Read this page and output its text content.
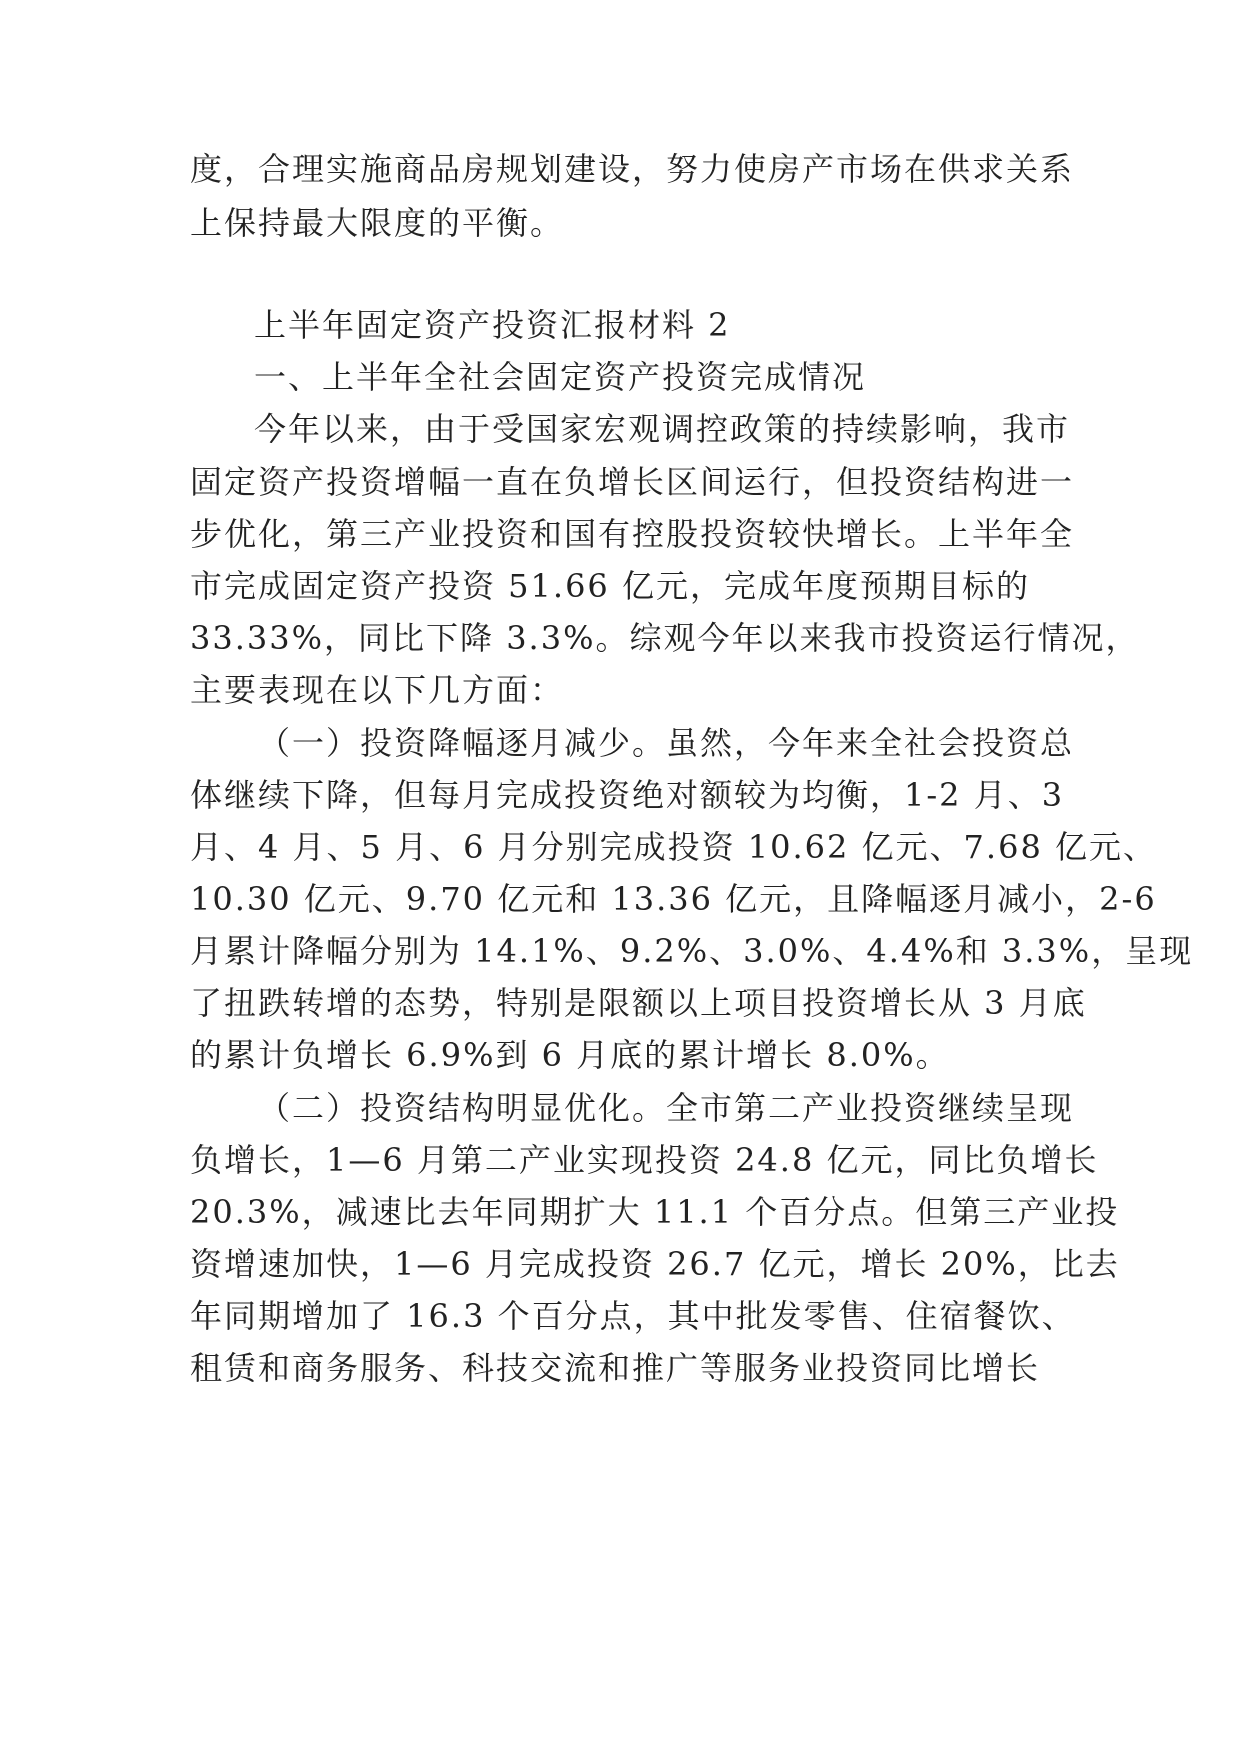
度，合理实施商品房规划建设，努力使房产市场在供求关系
上保持最大限度的平衡。
上半年固定资产投资汇报材料 2
一、上半年全社会固定资产投资完成情况
今年以来，由于受国家宏观调控政策的持续影响，我市
固定资产投资增幅一直在负增长区间运行，但投资结构进一
步优化，第三产业投资和国有控股投资较快增长。上半年全
市完成固定资产投资 51.66 亿元，完成年度预期目标的
33.33%，同比下降 3.3%。综观今年以来我市投资运行情况，
主要表现在以下几方面：
（一）投资降幅逐月减少。虽然，今年来全社会投资总
体继续下降，但每月完成投资绝对额较为均衡，1-2 月、3
月、4 月、5 月、6 月分别完成投资 10.62 亿元、7.68 亿元、
10.30 亿元、9.70 亿元和 13.36 亿元，且降幅逐月减小，2-6
月累计降幅分别为 14.1%、9.2%、3.0%、4.4%和 3.3%，呈现
了扭跌转增的态势，特别是限额以上项目投资增长从 3 月底
的累计负增长 6.9%到 6 月底的累计增长 8.0%。
（二）投资结构明显优化。全市第二产业投资继续呈现
负增长，1—6 月第二产业实现投资 24.8 亿元，同比负增长
20.3%，减速比去年同期扩大 11.1 个百分点。但第三产业投
资增速加快，1—6 月完成投资 26.7 亿元，增长 20%，比去
年同期增加了 16.3 个百分点，其中批发零售、住宿餐饮、
租赁和商务服务、科技交流和推广等服务业投资同比增长
